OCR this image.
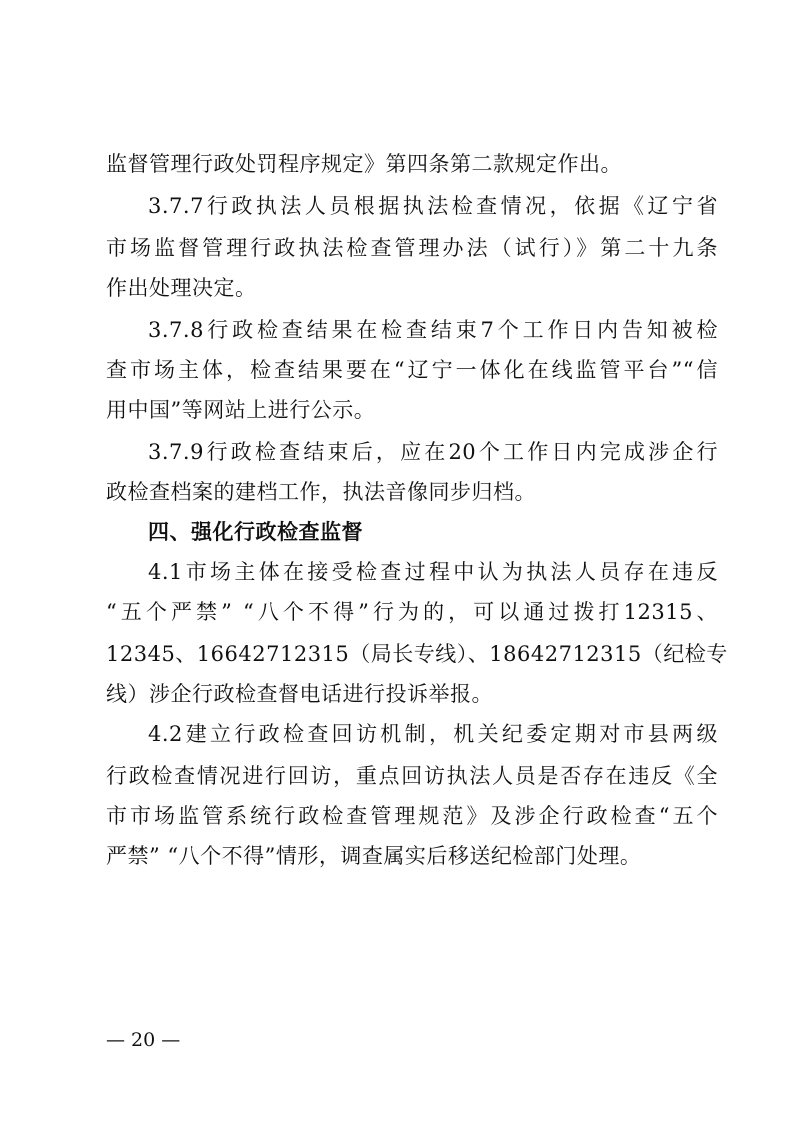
监督管理行政处罚程序规定》第四条第二款规定作出。
3.7.7行政执法人员根据执法检查情况，依据《辽宁省
市场监督管理行政执法检查管理办法（试行）》第二十九条
作出处理决定。
3.7.8行政检查结果在检查结束7个工作日内告知被检
查市场主体，检查结果要在“辽宁一体化在线监管平台”“信
用中国”等网站上进行公示。
3.7.9行政检查结束后，应在20个工作日内完成涉企行
政检查档案的建档工作，执法音像同步归档。
四、强化行政检查监督
4.1市场主体在接受检查过程中认为执法人员存在违反
“五个严禁” “八个不得”行为的，可以通过拨打12315、
12345、16642712315（局长专线）、18642712315（纪检专
线）涉企行政检查督电话进行投诉举报。
4.2建立行政检查回访机制，机关纪委定期对市县两级
行政检查情况进行回访，重点回访执法人员是否存在违反《全
市市场监管系统行政检查管理规范》及涉企行政检查“五个
严禁” “八个不得”情形，调查属实后移送纪检部门处理。
— 20 —
